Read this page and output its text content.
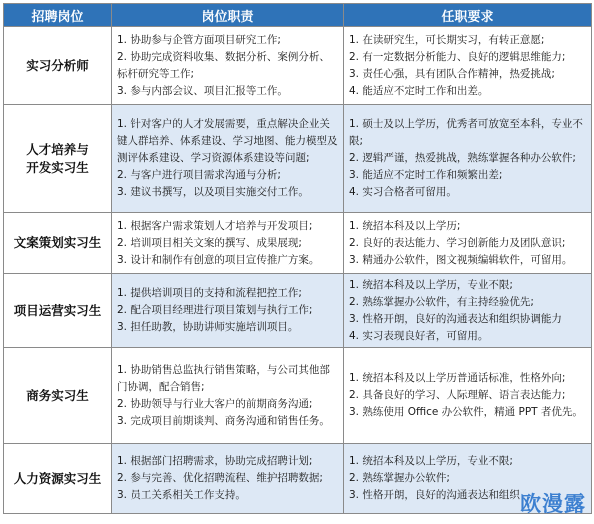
招聘岗位	岗位职责	任职要求
实习分析师	1. 协助参与企管方面项目研究工作;
2. 协助完成资料收集、数据分析、案例分析、标杆研究等工作;
3. 参与内部会议、项目汇报等工作。	1. 在读研究生，可长期实习，有转正意愿;
2. 有一定数据分析能力、良好的逻辑思维能力;
3. 责任心强，具有团队合作精神，热爱挑战;
4. 能适应不定时工作和出差。

人才培养与
开发实习生	1. 针对客户的人才发展需要，重点解决企业关键人群培养、体系建设、学习地图、能力模型及测评体系建设、学习资源体系建设等问题;
2. 与客户进行项目需求沟通与分析;
3. 建议书撰写，以及项目实施交付工作。	1. 硕士及以上学历，优秀者可放宽至本科，专业不限;
2. 逻辑严谨，热爱挑战，熟练掌握各种办公软件;
3. 能适应不定时工作和频繁出差;
4. 实习合格者可留用。

文案策划实习生	1. 根据客户需求策划人才培养与开发项目;
2. 培训项目相关文案的撰写、成果展现;
3. 设计和制作有创意的项目宣传推广方案。	1. 统招本科及以上学历;
2. 良好的表达能力、学习创新能力及团队意识;
3. 精通办公软件，图文视频编辑软件，可留用。

项目运营实习生	1. 提供培训项目的支持和流程把控工作;
2. 配合项目经理进行项目策划与执行工作;
3. 担任助教，协助讲师实施培训项目。	1. 统招本科及以上学历，专业不限;
2. 熟练掌握办公软件，有主持经验优先;
3. 性格开朗，良好的沟通表达和组织协调能力
4. 实习表现良好者，可留用。

商务实习生	1. 协助销售总监执行销售策略，与公司其他部门协调，配合销售;
2. 协助领导与行业大客户的前期商务沟通;
3. 完成项目前期谈判、商务沟通和销售任务。	1. 统招本科及以上学历普通话标准，性格外向;
2. 具备良好的学习、人际理解、语言表达能力;
3. 熟练使用 Office 办公软件，精通 PPT 者优先。

人力资源实习生	1. 根据部门招聘需求，协助完成招聘计划;
2. 参与完善、优化招聘流程、维护招聘数据;
3. 员工关系相关工作支持。	1. 统招本科及以上学历，专业不限;
2. 熟练掌握办公软件;
3. 性格开朗，良好的沟通表达和组织 欧漫露
